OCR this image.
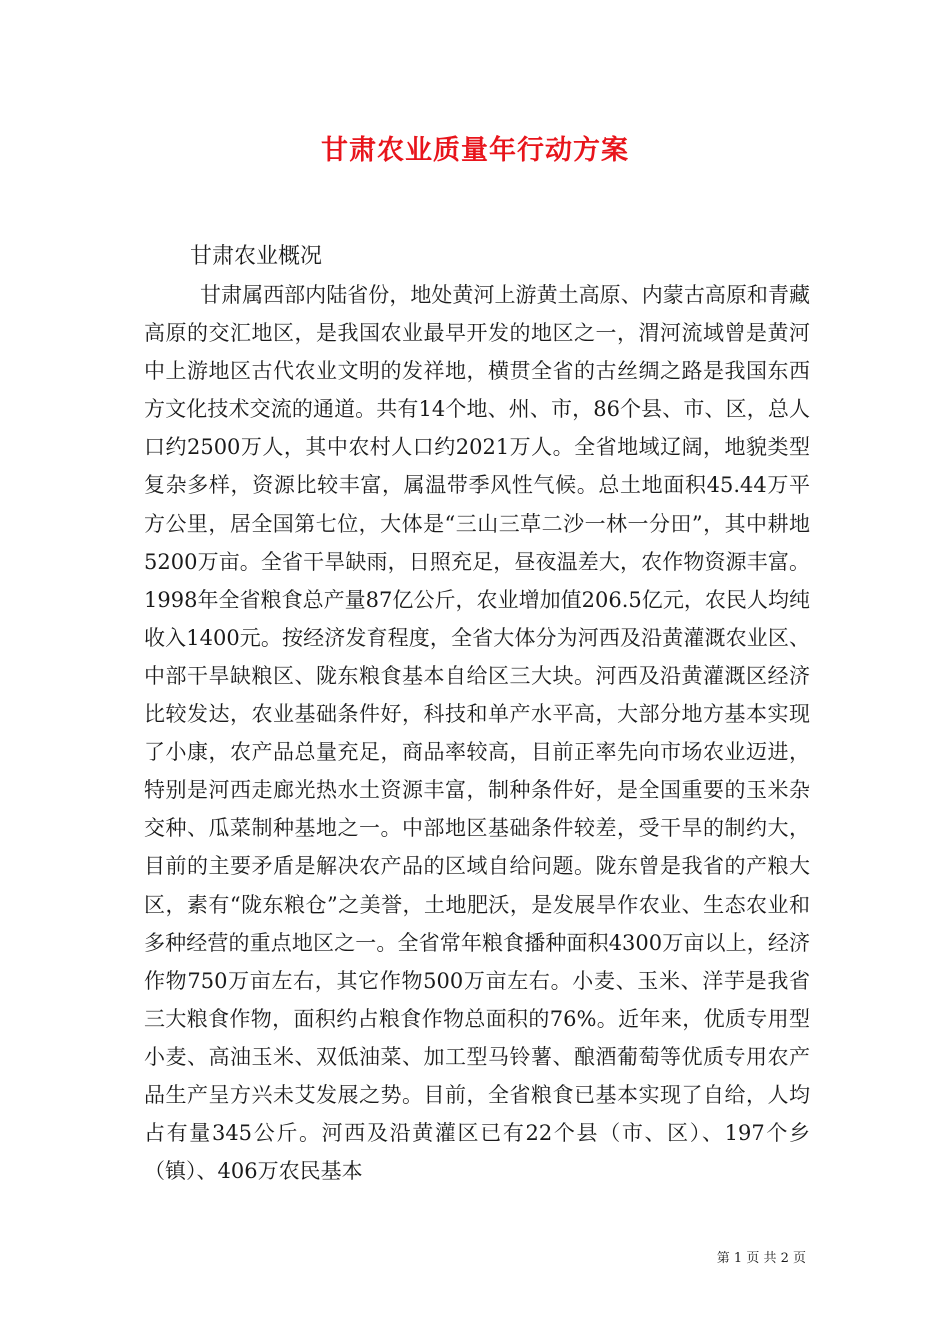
甘肃农业质量年行动方案
甘肃农业概况

甘肃属西部内陆省份，地处黄河上游黄土高原、内蒙古高原和青藏高原的交汇地区，是我国农业最早开发的地区之一，渭河流域曾是黄河中上游地区古代农业文明的发祥地，横贯全省的古丝绸之路是我国东西方文化技术交流的通道。共有14个地、州、市，86个县、市、区，总人口约2500万人，其中农村人口约2021万人。全省地域辽阔，地貌类型复杂多样，资源比较丰富，属温带季风性气候。总土地面积45.44万平方公里，居全国第七位，大体是“三山三草二沙一林一分田”，其中耕地5200万亩。全省干旱缺雨，日照充足，昼夜温差大，农作物资源丰富。1998年全省粮食总产量87亿公斤，农业增加值206.5亿元，农民人均纯收入1400元。按经济发育程度，全省大体分为河西及沿黄灌溉农业区、中部干旱缺粮区、陇东粮食基本自给区三大块。河西及沿黄灌溉区经济比较发达，农业基础条件好，科技和单产水平高，大部分地方基本实现了小康，农产品总量充足，商品率较高，目前正率先向市场农业迈进，特别是河西走廊光热水土资源丰富，制种条件好，是全国重要的玉米杂交种、瓜菜制种基地之一。中部地区基础条件较差，受干旱的制约大，目前的主要矛盾是解决农产品的区域自给问题。陇东曾是我省的产粮大区，素有“陇东粮仓”之美誉，土地肥沃，是发展旱作农业、生态农业和多种经营的重点地区之一。全省常年粮食播种面积4300万亩以上，经济作物750万亩左右，其它作物500万亩左右。小麦、玉米、洋芋是我省三大粮食作物，面积约占粮食作物总面积的76%。近年来，优质专用型小麦、高油玉米、双低油菜、加工型马铃薯、酿酒葡萄等优质专用农产品生产呈方兴未艾发展之势。目前，全省粮食已基本实现了自给，人均占有量345公斤。河西及沿黄灌区已有22个县（市、区）、197个乡（镇）、406万农民基本

第 1 页 共 2 页
